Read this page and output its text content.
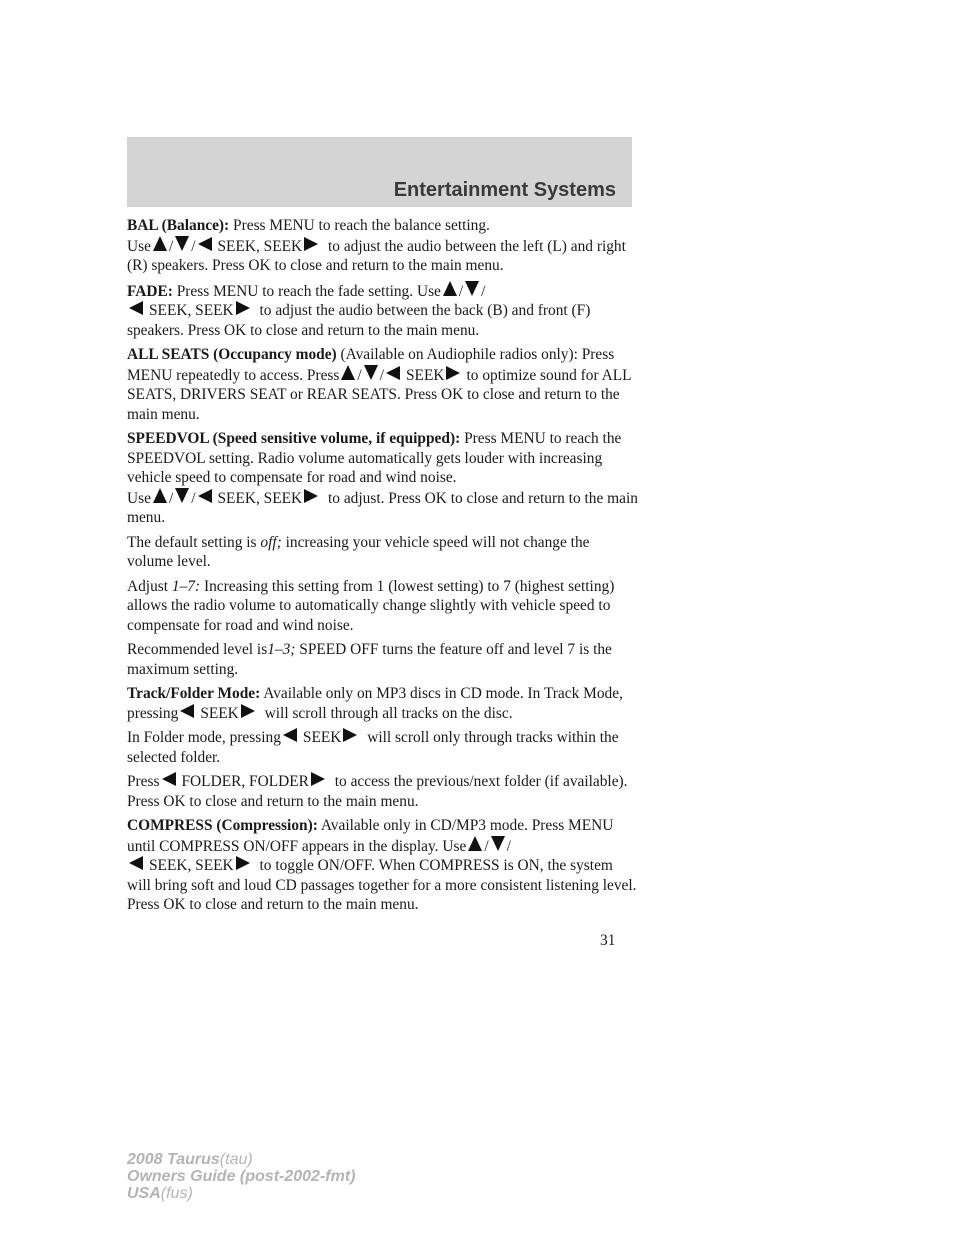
Entertainment Systems

BAL (Balance): Press MENU to reach the balance setting.
Use / / SEEK, SEEK to adjust the audio between the left (L) and right (R) speakers. Press OK to close and return to the main menu.

FADE: Press MENU to reach the fade setting. Use / /
SEEK, SEEK to adjust the audio between the back (B) and front (F) speakers. Press OK to close and return to the main menu.

ALL SEATS (Occupancy mode) (Available on Audiophile radios only): Press MENU repeatedly to access. Press / / SEEK to optimize sound for ALL SEATS, DRIVERS SEAT or REAR SEATS. Press OK to close and return to the main menu.

SPEEDVOL (Speed sensitive volume, if equipped): Press MENU to reach the SPEEDVOL setting. Radio volume automatically gets louder with increasing vehicle speed to compensate for road and wind noise.
Use / / SEEK, SEEK to adjust. Press OK to close and return to the main menu.

The default setting is off; increasing your vehicle speed will not change the volume level.

Adjust 1–7: Increasing this setting from 1 (lowest setting) to 7 (highest setting) allows the radio volume to automatically change slightly with vehicle speed to compensate for road and wind noise.

Recommended level is1–3; SPEED OFF turns the feature off and level 7 is the maximum setting.

Track/Folder Mode: Available only on MP3 discs in CD mode. In Track Mode, pressing SEEK will scroll through all tracks on the disc.

In Folder mode, pressing SEEK will scroll only through tracks within the selected folder.

Press FOLDER, FOLDER to access the previous/next folder (if available). Press OK to close and return to the main menu.

COMPRESS (Compression): Available only in CD/MP3 mode. Press MENU until COMPRESS ON/OFF appears in the display. Use / /
SEEK, SEEK to toggle ON/OFF. When COMPRESS is ON, the system will bring soft and loud CD passages together for a more consistent listening level. Press OK to close and return to the main menu.

31
2008 Taurus(tau)
Owners Guide (post-2002-fmt)
USA(fus)
